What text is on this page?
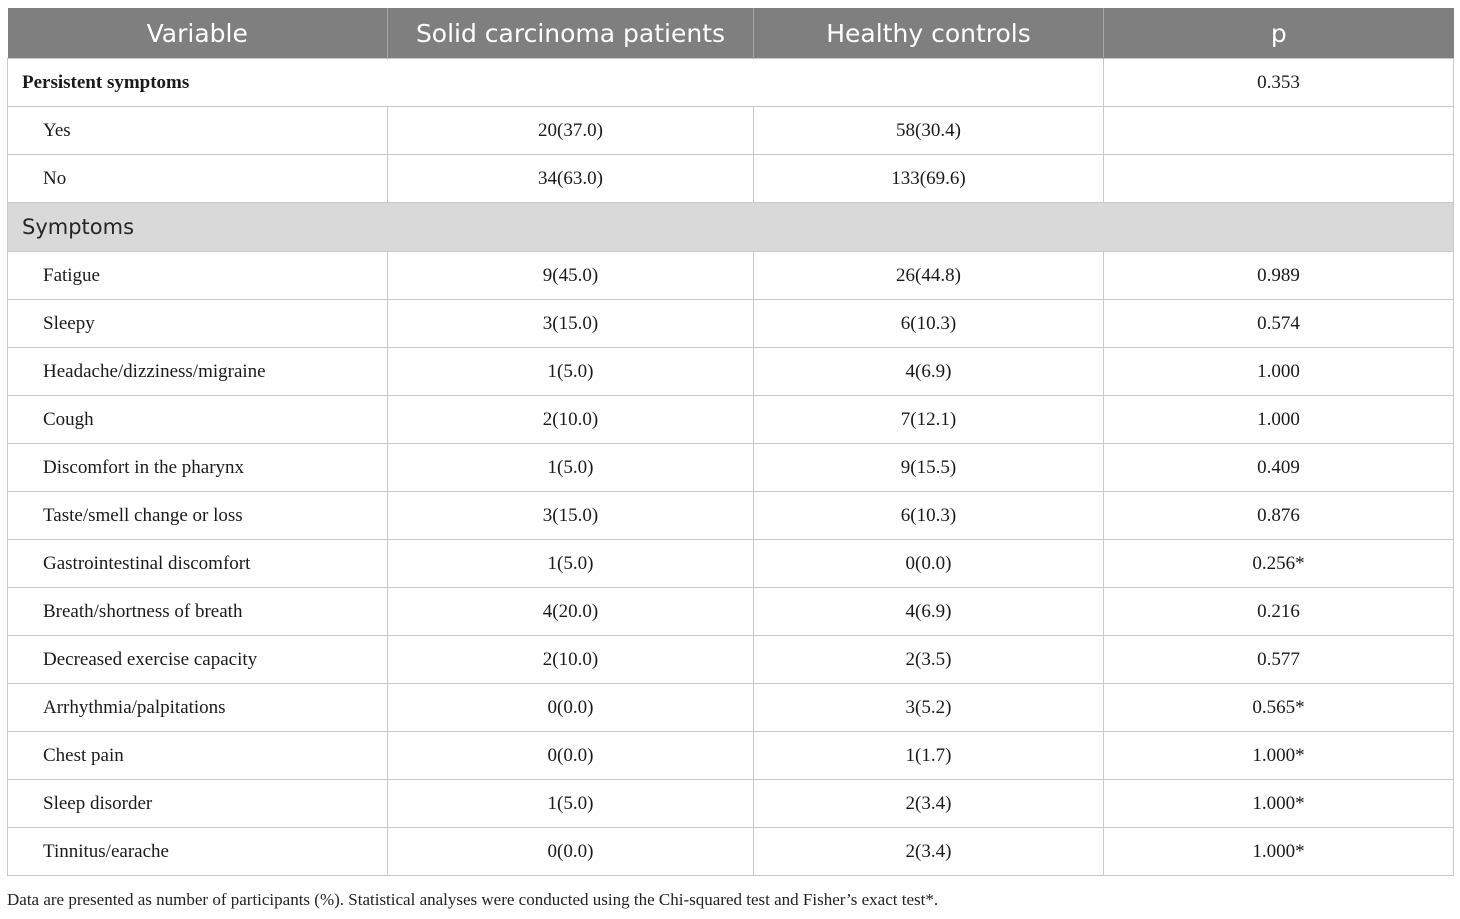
Variable	Solid carcinoma patients	Healthy controls	p
Persistent symptoms			0.353
Yes	20(37.0)	58(30.4)	
No	34(63.0)	133(69.6)	
Symptoms			
Fatigue	9(45.0)	26(44.8)	0.989
Sleepy	3(15.0)	6(10.3)	0.574
Headache/dizziness/migraine	1(5.0)	4(6.9)	1.000
Cough	2(10.0)	7(12.1)	1.000
Discomfort in the pharynx	1(5.0)	9(15.5)	0.409
Taste/smell change or loss	3(15.0)	6(10.3)	0.876
Gastrointestinal discomfort	1(5.0)	0(0.0)	0.256*
Breath/shortness of breath	4(20.0)	4(6.9)	0.216
Decreased exercise capacity	2(10.0)	2(3.5)	0.577
Arrhythmia/palpitations	0(0.0)	3(5.2)	0.565*
Chest pain	0(0.0)	1(1.7)	1.000*
Sleep disorder	1(5.0)	2(3.4)	1.000*
Tinnitus/earache	0(0.0)	2(3.4)	1.000*
Data are presented as number of participants (%). Statistical analyses were conducted using the Chi-squared test and Fisher’s exact test*.
